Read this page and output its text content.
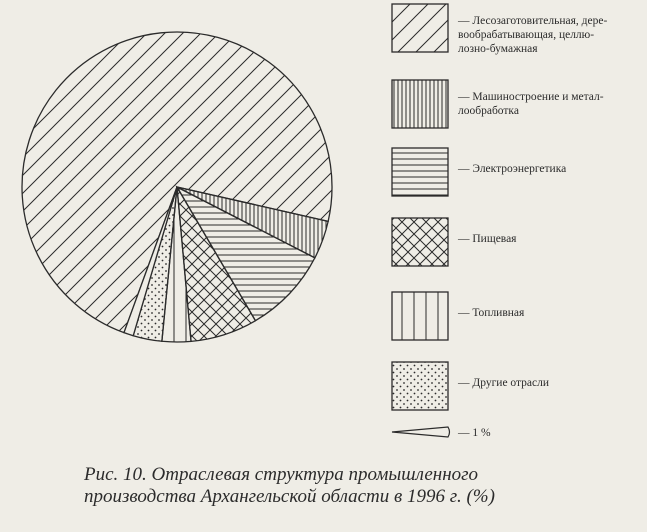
— Лесозаготовительная, дере-
вообрабатывающая, целлю-
лозно-бумажная
— Машиностроение и метал-
лообработка
— Электроэнергетика
— Пищевая
— Топливная
— Другие отрасли
— 1 %
Рис. 10. Отраслевая структура промышленного
производства Архангельской области в 1996 г. (%)
